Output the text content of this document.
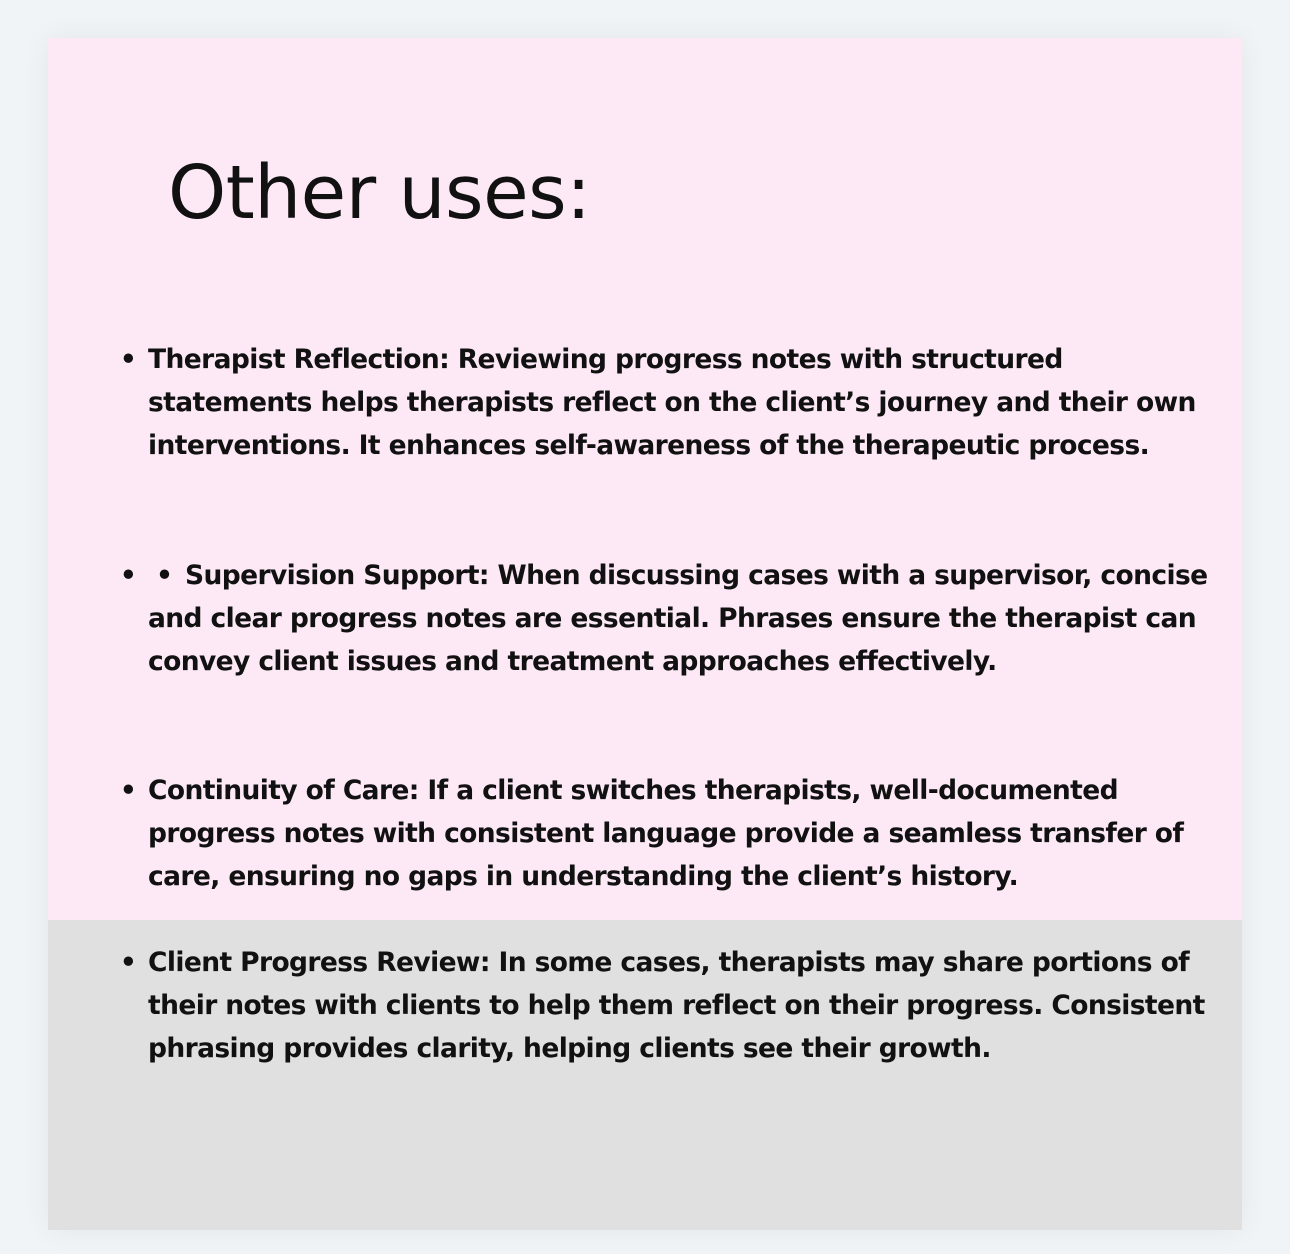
Other uses:

• Therapist Reflection: Reviewing progress notes with structured statements helps therapists reflect on the client’s journey and their own interventions. It enhances self-awareness of the therapeutic process.

• • Supervision Support: When discussing cases with a supervisor, concise and clear progress notes are essential. Phrases ensure the therapist can convey client issues and treatment approaches effectively.

• Continuity of Care: If a client switches therapists, well-documented progress notes with consistent language provide a seamless transfer of care, ensuring no gaps in understanding the client’s history.

• Client Progress Review: In some cases, therapists may share portions of their notes with clients to help them reflect on their progress. Consistent phrasing provides clarity, helping clients see their growth.
